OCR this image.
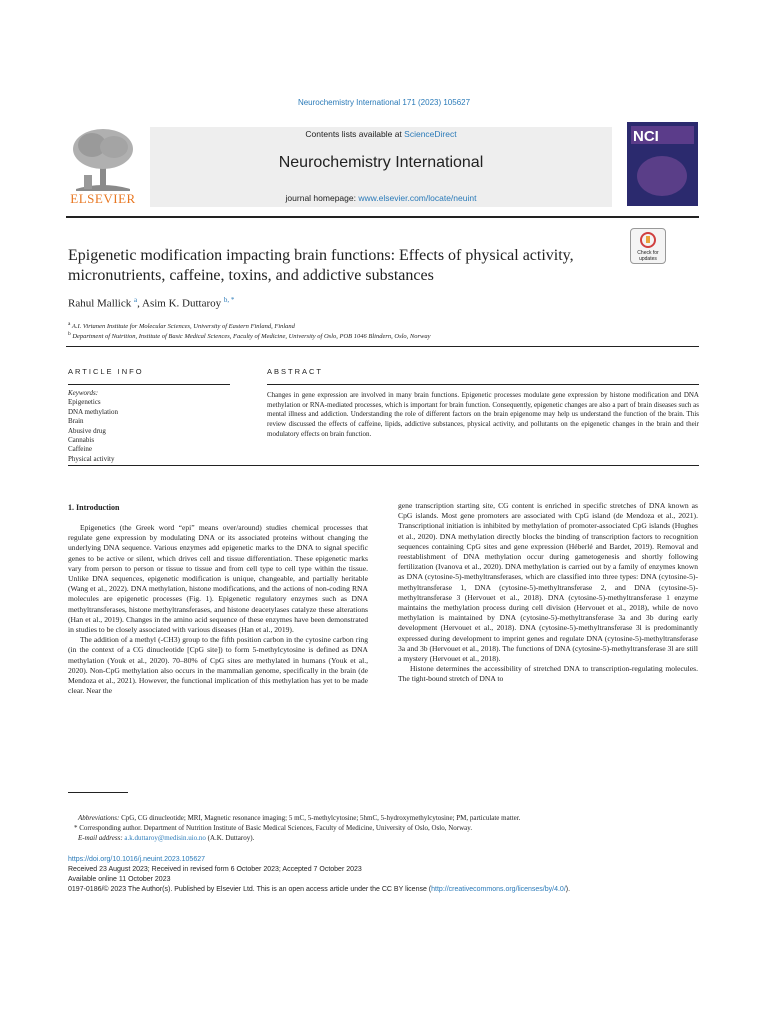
Neurochemistry International 171 (2023) 105627
ELSEVIER
Contents lists available at ScienceDirect
Neurochemistry International
journal homepage: www.elsevier.com/locate/neuint
NCI
Epigenetic modification impacting brain functions: Effects of physical activity, micronutrients, caffeine, toxins, and addictive substances
Check for updates
Rahul Mallick $^a$, Asim K. Duttaroy $^{b, *}$
$^a$ A.I. Virtanen Institute for Molecular Sciences, University of Eastern Finland, Finland
$^b$ Department of Nutrition, Institute of Basic Medical Sciences, Faculty of Medicine, University of Oslo, POB 1046 Blindern, Oslo, Norway
ARTICLE INFO	ABSTRACT
Keywords:
Epigenetics
DNA methylation
Brain
Abusive drug
Cannabis
Caffeine
Physical activity
Changes in gene expression are involved in many brain functions. Epigenetic processes modulate gene expression by histone modification and DNA methylation or RNA-mediated processes, which is important for brain function. Consequently, epigenetic changes are also a part of brain diseases such as mental illness and addiction. Understanding the role of different factors on the brain epigenome may help us understand the function of the brain. This review discussed the effects of caffeine, lipids, addictive substances, physical activity, and pollutants on the epigenetic changes in the brain and their modulatory effects on brain function.
1. Introduction

Epigenetics (the Greek word “epi” means over/around) studies chemical processes that regulate gene expression by modulating DNA or its associated proteins without changing the underlying DNA sequence. Various enzymes add epigenetic marks to the DNA to signal specific genes to be active or silent, which drives cell and tissue differentiation. These epigenetic marks vary from person to person or tissue to tissue and from cell type to cell type within the tissue. Unlike DNA sequences, epigenetic modification is unique, changeable, and partially heritable (Wang et al., 2022). DNA methylation, histone modifications, and the actions of non-coding RNA molecules are epigenetic processes (Fig. 1). Epigenetic regulatory enzymes such as DNA methyltransferases, histone methyltransferases, and histone deacetylases catalyze these alterations (Han et al., 2019). Changes in the amino acid sequence of these enzymes have been demonstrated in studies to be closely associated with various diseases (Han et al., 2019).

The addition of a methyl (-CH3) group to the fifth position carbon in the cytosine carbon ring (in the context of a CG dinucleotide [CpG site]) to form 5-methylcytosine is defined as DNA methylation (Youk et al., 2020). 70–80% of CpG sites are methylated in humans (Youk et al., 2020). Non-CpG methylation also occurs in the mammalian genome, specifically in the brain (de Mendoza et al., 2021). However, the functional implication of this methylation has yet to be made clear. Near the

gene transcription starting site, CG content is enriched in specific stretches of DNA known as CpG islands. Most gene promoters are associated with CpG island (de Mendoza et al., 2021). Transcriptional initiation is inhibited by methylation of promoter-associated CpG islands (Hughes et al., 2020). DNA methylation directly blocks the binding of transcription factors to recognition sequences containing CpG sites and gene expression (Héberlé and Bardet, 2019). Removal and reestablishment of DNA methylation occur during gametogenesis and shortly following fertilization (Ivanova et al., 2020). DNA methylation is carried out by a family of enzymes known as DNA (cytosine-5)-methyltransferases, which are classified into three types: DNA (cytosine-5)-methyltransferase 1, DNA (cytosine-5)-methyltransferase 2, and DNA (cytosine-5)-methyltransferase 3 (Hervouet et al., 2018). DNA (cytosine-5)-methyltransferase 1 enzyme maintains the methylation process during cell division (Hervouet et al., 2018), while de novo methylation is maintained by DNA (cytosine-5)-methyltransferase 3a and 3b during early development (Hervouet et al., 2018). DNA (cytosine-5)-methyltransferase 3l is predominantly expressed during development to imprint genes and regulate DNA (cytosine-5)-methyltransferase 3a and 3b (Hervouet et al., 2018). The functions of DNA (cytosine-5)-methyltransferase 3l are still a mystery (Hervouet et al., 2018).

Histone determines the accessibility of stretched DNA to transcription-regulating molecules. The tight-bound stretch of DNA to

Abbreviations: CpG, CG dinucleotide; MRI, Magnetic resonance imaging; 5 mC, 5-methylcytosine; 5hmC, 5-hydroxymethylcytosine; PM, particulate matter.
* Corresponding author. Department of Nutrition Institute of Basic Medical Sciences, Faculty of Medicine, University of Oslo, Oslo, Norway.
E-mail address: a.k.duttaroy@medisin.uio.no (A.K. Duttaroy).
https://doi.org/10.1016/j.neuint.2023.105627
Received 23 August 2023; Received in revised form 6 October 2023; Accepted 7 October 2023
Available online 11 October 2023
0197-0186/© 2023 The Author(s). Published by Elsevier Ltd. This is an open access article under the CC BY license (http://creativecommons.org/licenses/by/4.0/).
